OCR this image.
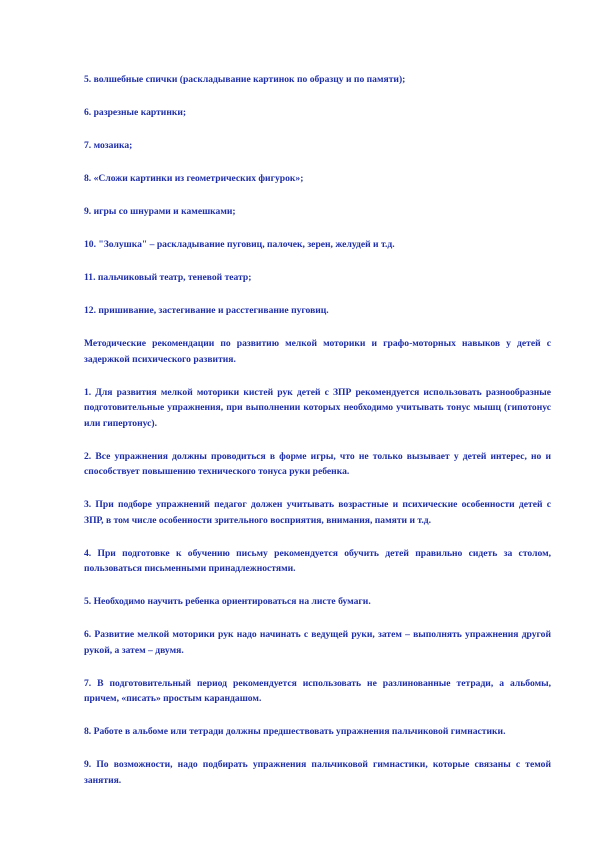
5. волшебные спички (раскладывание картинок по образцу и по памяти);

6. разрезные картинки;

7. мозаика;

8. «Сложи картинки из геометрических фигурок»;

9. игры со шнурами и камешками;

10. "Золушка" – раскладывание пуговиц, палочек, зерен, желудей и т.д.

11. пальчиковый театр, теневой театр;

12. пришивание, застегивание и расстегивание пуговиц.

Методические рекомендации по развитию мелкой моторики и графо-моторных навыков у детей с задержкой психического развития.

1. Для развития мелкой моторики кистей рук детей с ЗПР рекомендуется использовать разнообразные подготовительные упражнения, при выполнении которых необходимо учитывать тонус мышц (гипотонус или гипертонус).

2. Все упражнения должны проводиться в форме игры, что не только вызывает у детей интерес, но и способствует повышению технического тонуса руки ребенка.

3. При подборе упражнений педагог должен учитывать возрастные и психические особенности детей с ЗПР, в том числе особенности зрительного восприятия, внимания, памяти и т.д.

4. При подготовке к обучению письму рекомендуется обучить детей правильно сидеть за столом, пользоваться письменными принадлежностями.

5. Необходимо научить ребенка ориентироваться на листе бумаги.

6. Развитие мелкой моторики рук надо начинать с ведущей руки, затем – выполнять упражнения другой рукой, а затем – двумя.

7. В подготовительный период рекомендуется использовать не разлинованные тетради, а альбомы, причем, «писать» простым карандашом.

8. Работе в альбоме или тетради должны предшествовать упражнения пальчиковой гимнастики.

9. По возможности, надо подбирать упражнения пальчиковой гимнастики, которые связаны с темой занятия.
